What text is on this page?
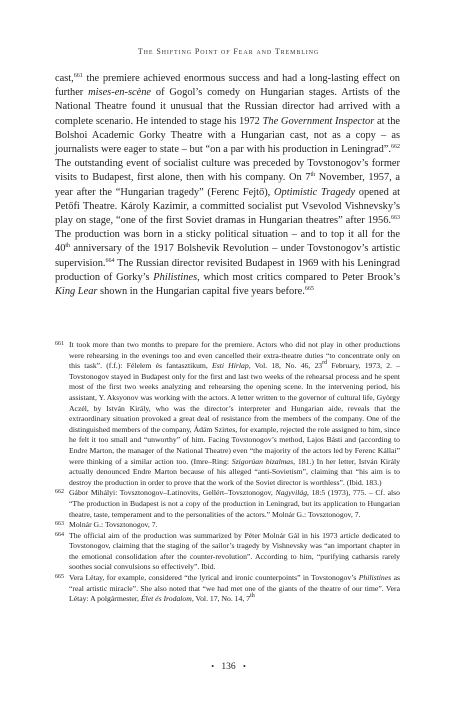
The Shifting Point of Fear and Trembling

cast,$^{661}$ the premiere achieved enormous success and had a long-lasting effect on further mises-en-scène of Gogol’s comedy on Hungarian stages. Artists of the National Theatre found it unusual that the Russian director had arrived with a complete scenario. He intended to stage his 1972 The Government Inspector at the Bolshoi Academic Gorky Theatre with a Hungarian cast, not as a copy – as journalists were eager to state – but “on a par with his production in Leningrad”.$^{662}$ The outstanding event of socialist culture was preceded by Tovstonogov’s former visits to Budapest, first alone, then with his company. On 7th November, 1957, a year after the “Hungarian tragedy” (Ferenc Fejtő), Optimistic Tragedy opened at Petőfi Theatre. Károly Kazimir, a committed socialist put Vsevolod Vishnevsky’s play on stage, “one of the first Soviet dramas in Hungarian theatres” after 1956.$^{663}$ The production was born in a sticky political situation – and to top it all for the 40th anniversary of the 1917 Bolshevik Revolution – under Tovstonogov’s artistic supervision.$^{664}$ The Russian director revisited Budapest in 1969 with his Leningrad production of Gorky’s Philistines, which most critics compared to Peter Brook’s King Lear shown in the Hungarian capital five years before.$^{665}$

661 It took more than two months to prepare for the premiere. Actors who did not play in other productions were rehearsing in the evenings too and even cancelled their extra-theatre duties “to concentrate only on this task”. (f.f.): Félelem és fantasztikum, Esti Hírlap, Vol. 18, No. 46, 23rd February, 1973, 2. – Tovstonogov stayed in Budapest only for the first and last two weeks of the rehearsal process and he spent most of the first two weeks analyzing and rehearsing the opening scene. In the intervening period, his assistant, Y. Aksyonov was working with the actors. A letter written to the governor of cultural life, György Aczél, by István Király, who was the director’s interpreter and Hungarian aide, reveals that the extraordinary situation provoked a great deal of resistance from the members of the company. One of the distinguished members of the company, Ádám Szirtes, for example, rejected the role assigned to him, since he felt it too small and “unworthy” of him. Facing Tovstonogov’s method, Lajos Básti and (according to Endre Marton, the manager of the National Theatre) even “the majority of the actors led by Ferenc Kállai” were thinking of a similar action too. (Imre–Ring: Szigorúan bizalmas, 181.) In her letter, István Király actually denounced Endre Marton because of his alleged “anti-Sovietism”, claiming that “his aim is to destroy the production in order to prove that the work of the Soviet director is worthless”. (Ibid. 183.)

662 Gábor Mihályi: Tovsztonogov–Latinovits, Gellért–Tovsztonogov, Nagyvilág, 18:5 (1973), 775. – Cf. also “The production in Budapest is not a copy of the production in Leningrad, but its application to Hungarian theatre, taste, temperament and to the personalities of the actors.” Molnár G.: Tovsztonogov, 7.

663 Molnár G.: Tovsztonogov, 7.

664 The official aim of the production was summarized by Péter Molnár Gál in his 1973 article dedicated to Tovstonogov, claiming that the staging of the sailor’s tragedy by Vishnevsky was “an important chapter in the emotional consolidation after the counter-revolution”. According to him, “purifying catharsis rarely soothes social convulsions so effectively”. Ibid.

665 Vera Létay, for example, considered “the lyrical and ironic counterpoints” in Tovstonogov’s Philistines as “real artistic miracle”. She also noted that “we had met one of the giants of the theatre of our time”. Vera Létay: A polgármester, Élet és Irodalom, Vol. 17, No. 14, 7th

• 136 •
